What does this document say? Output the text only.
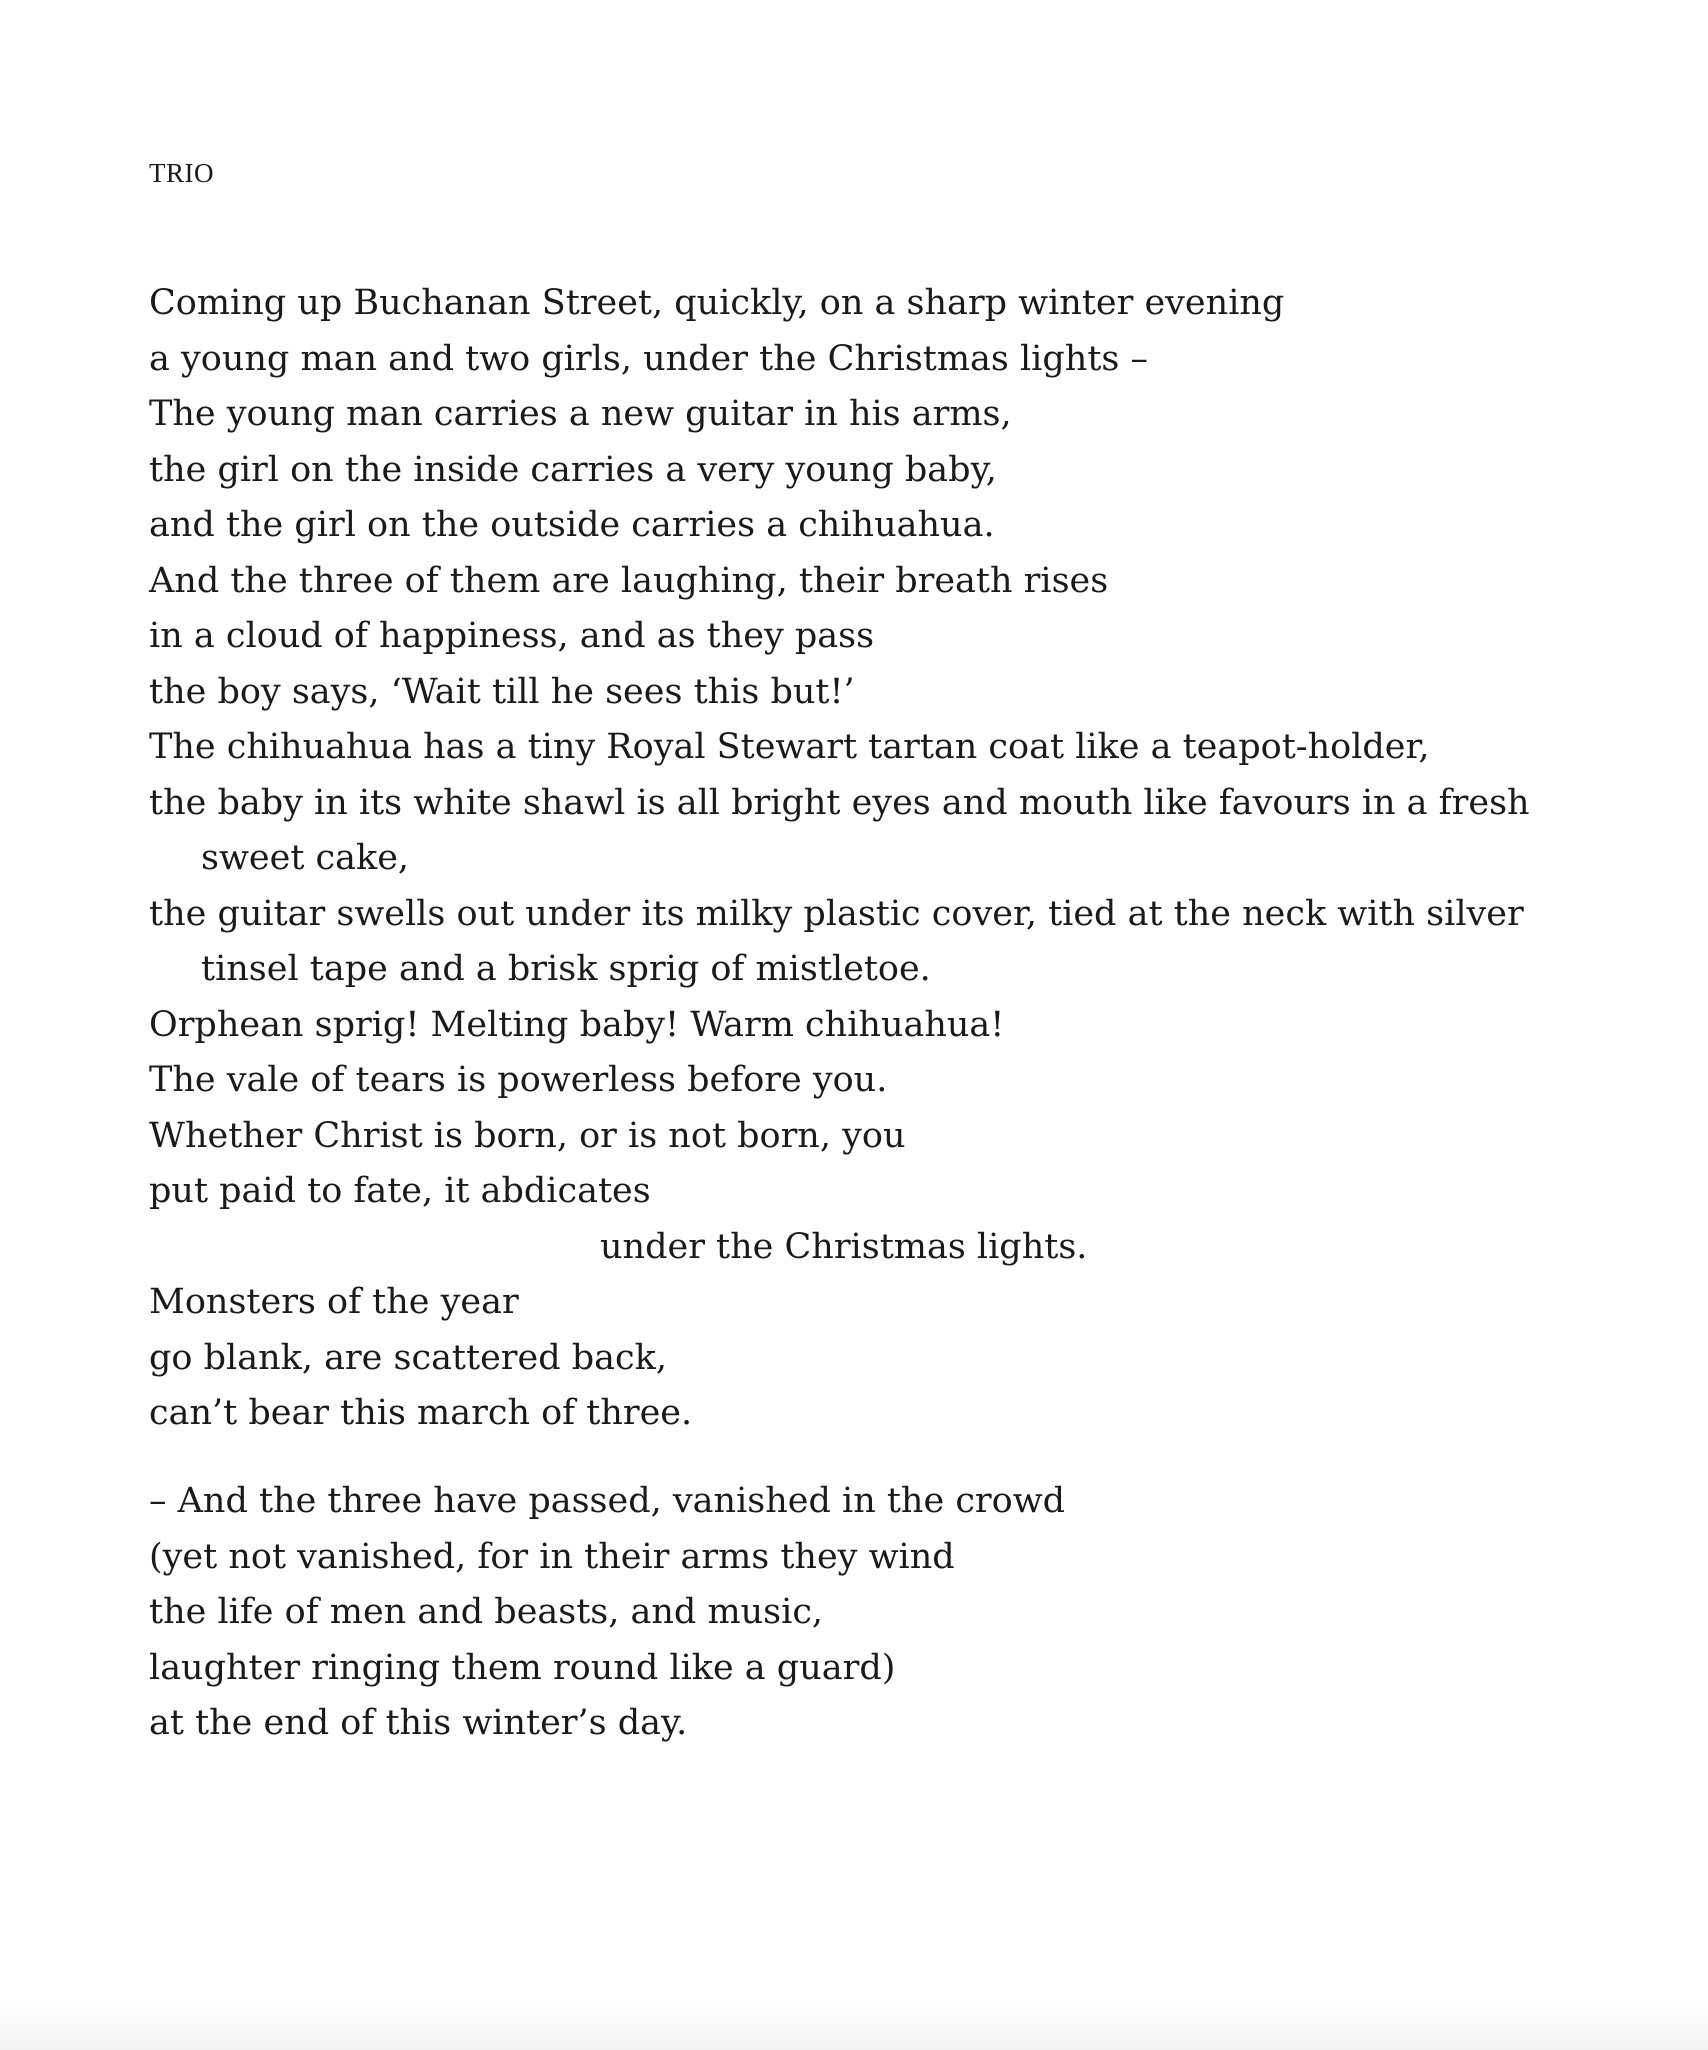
TRIO
Coming up Buchanan Street, quickly, on a sharp winter evening
a young man and two girls, under the Christmas lights –
The young man carries a new guitar in his arms,
the girl on the inside carries a very young baby,
and the girl on the outside carries a chihuahua.
And the three of them are laughing, their breath rises
in a cloud of happiness, and as they pass
the boy says, ‘Wait till he sees this but!’
The chihuahua has a tiny Royal Stewart tartan coat like a teapot-holder,
the baby in its white shawl is all bright eyes and mouth like favours in a fresh sweet cake,
the guitar swells out under its milky plastic cover, tied at the neck with silver tinsel tape and a brisk sprig of mistletoe.
Orphean sprig! Melting baby! Warm chihuahua!
The vale of tears is powerless before you.
Whether Christ is born, or is not born, you
put paid to fate, it abdicates
under the Christmas lights.
Monsters of the year
go blank, are scattered back,
can’t bear this march of three.
– And the three have passed, vanished in the crowd
(yet not vanished, for in their arms they wind
the life of men and beasts, and music,
laughter ringing them round like a guard)
at the end of this winter’s day.
